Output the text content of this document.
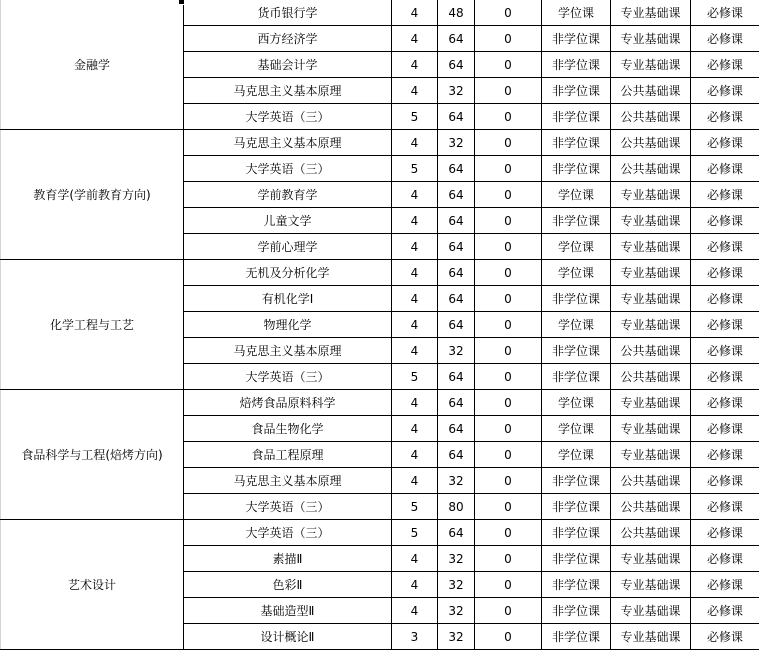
金融学	货币银行学	4	48	0	学位课	专业基础课	必修课
	西方经济学	4	64	0	非学位课	专业基础课	必修课
	基础会计学	4	64	0	非学位课	专业基础课	必修课
	马克思主义基本原理	4	32	0	非学位课	公共基础课	必修课
	大学英语（三）	5	64	0	非学位课	公共基础课	必修课
教育学(学前教育方向)	马克思主义基本原理	4	32	0	非学位课	公共基础课	必修课
	大学英语（三）	5	64	0	非学位课	公共基础课	必修课
	学前教育学	4	64	0	学位课	专业基础课	必修课
	儿童文学	4	64	0	非学位课	专业基础课	必修课
	学前心理学	4	64	0	学位课	专业基础课	必修课
化学工程与工艺	无机及分析化学	4	64	0	学位课	专业基础课	必修课
	有机化学Ⅰ	4	64	0	非学位课	专业基础课	必修课
	物理化学	4	64	0	学位课	专业基础课	必修课
	马克思主义基本原理	4	32	0	非学位课	公共基础课	必修课
	大学英语（三）	5	64	0	非学位课	公共基础课	必修课
食品科学与工程(焙烤方向)	焙烤食品原料科学	4	64	0	学位课	专业基础课	必修课
	食品生物化学	4	64	0	学位课	专业基础课	必修课
	食品工程原理	4	64	0	学位课	专业基础课	必修课
	马克思主义基本原理	4	32	0	非学位课	公共基础课	必修课
	大学英语（三）	5	80	0	非学位课	公共基础课	必修课
艺术设计	大学英语（三）	5	64	0	非学位课	公共基础课	必修课
	素描Ⅱ	4	32	0	非学位课	专业基础课	必修课
	色彩Ⅱ	4	32	0	非学位课	专业基础课	必修课
	基础造型Ⅱ	4	32	0	非学位课	专业基础课	必修课
	设计概论Ⅱ	3	32	0	非学位课	专业基础课	必修课
